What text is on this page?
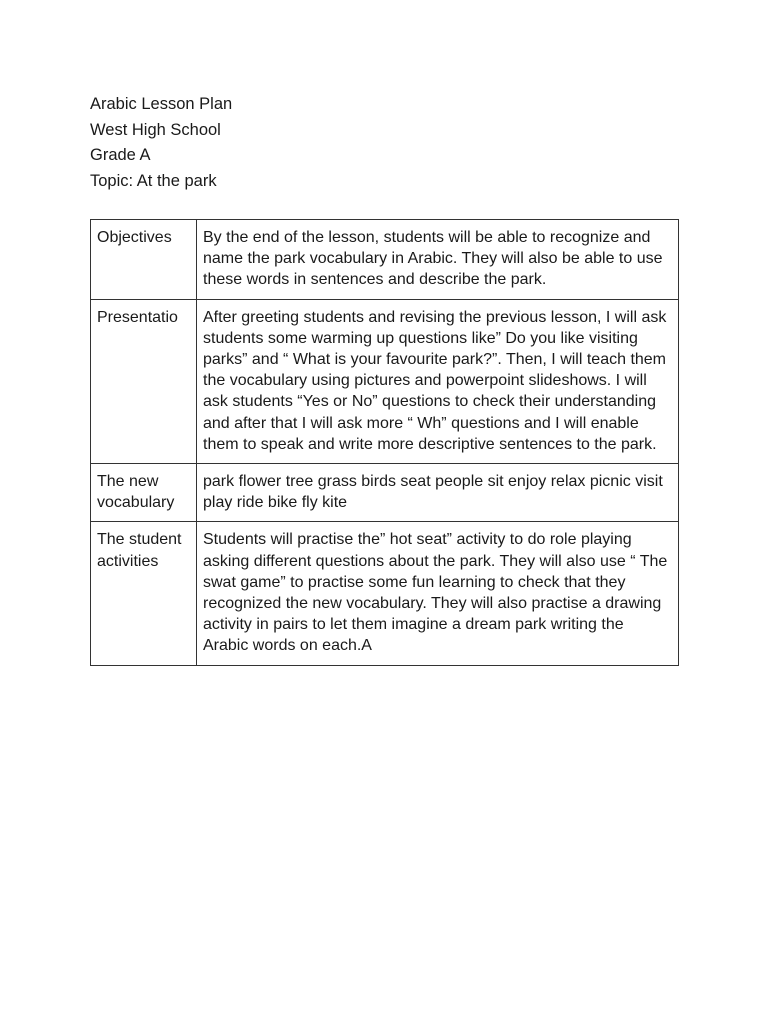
Arabic Lesson Plan
West High School
Grade A
Topic: At the park
Objectives	By the end of the lesson, students will be able to recognize and name the park vocabulary in Arabic. They will also be able to use these words in sentences and describe the park.
Presentatio	After greeting students and revising the previous lesson, I will ask students some warming up questions like” Do you like visiting parks” and “ What is your favourite park?”. Then, I will teach them the vocabulary using pictures and powerpoint slideshows. I will ask students “Yes or No” questions to check their understanding and after that I will ask more “ Wh” questions and I will enable them to speak and write more descriptive sentences to the park.
The new vocabulary	park flower tree grass birds seat people sit enjoy relax picnic visit play ride bike fly kite
The student activities	Students will practise the” hot seat” activity to do role playing asking different questions about the park. They will also use “ The swat game” to practise some fun learning to check that they recognized the new vocabulary. They will also practise a drawing activity in pairs to let them imagine a dream park writing the Arabic words on each.A
